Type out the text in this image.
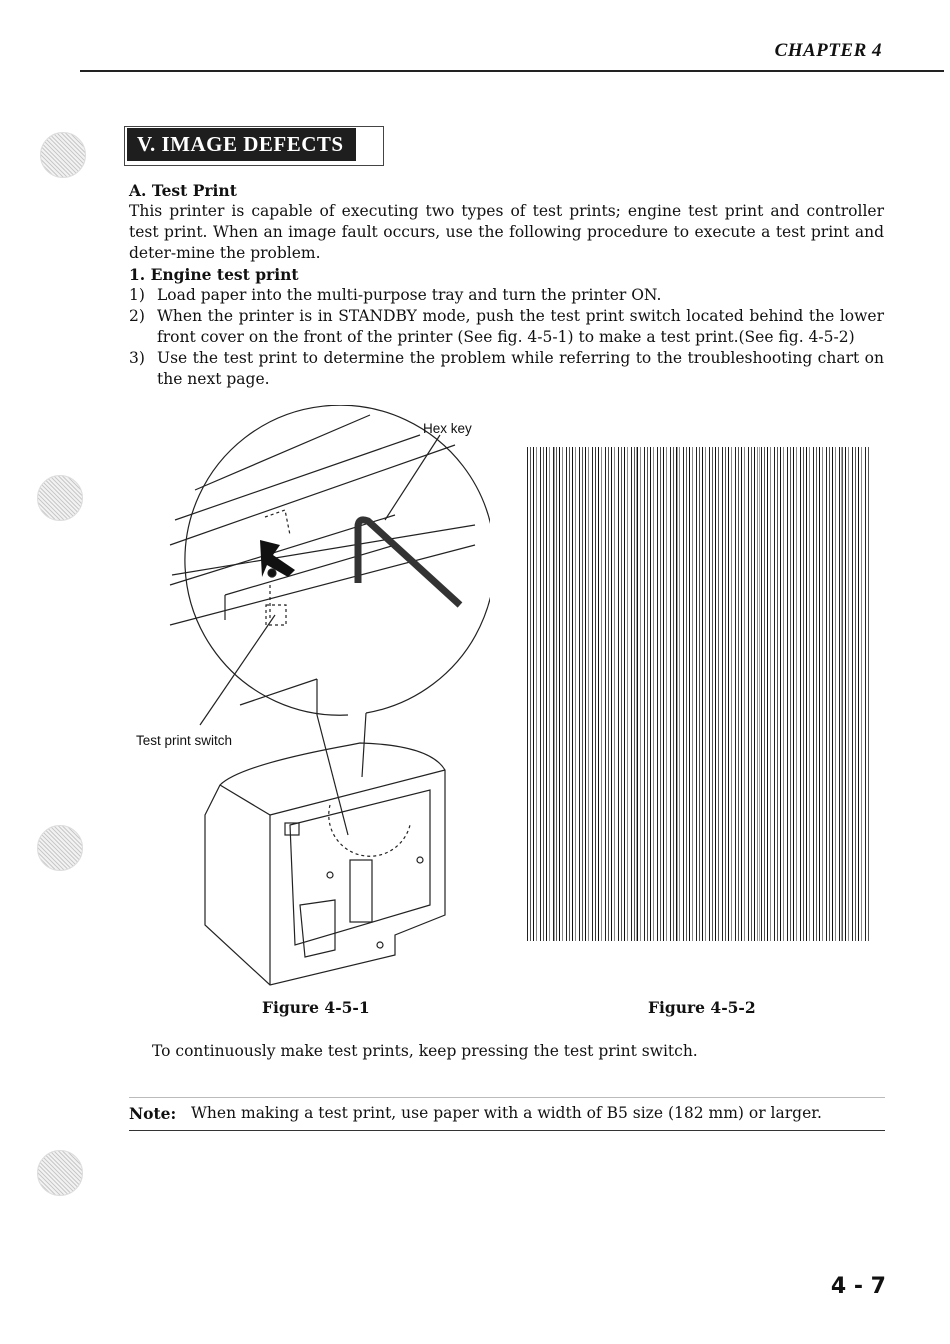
CHAPTER 4
V. IMAGE DEFECTS
A. Test Print
This printer is capable of executing two types of test prints; engine test print and controller test print. When an image fault occurs, use the following procedure to execute a test print and deter-mine the problem.
1. Engine test print
1) Load paper into the multi-purpose tray and turn the printer ON.
2) When the printer is in STANDBY mode, push the test print switch located behind the lower front cover on the front of the printer (See fig. 4-5-1) to make a test print.(See fig. 4-5-2)
3) Use the test print to determine the problem while referring to the troubleshooting chart on the next page.
Hex key
Test print switch
Figure 4-5-1	Figure 4-5-2
To continuously make test prints, keep pressing the test print switch.
Note: When making a test print, use paper with a width of B5 size (182 mm) or larger.
4 - 7
